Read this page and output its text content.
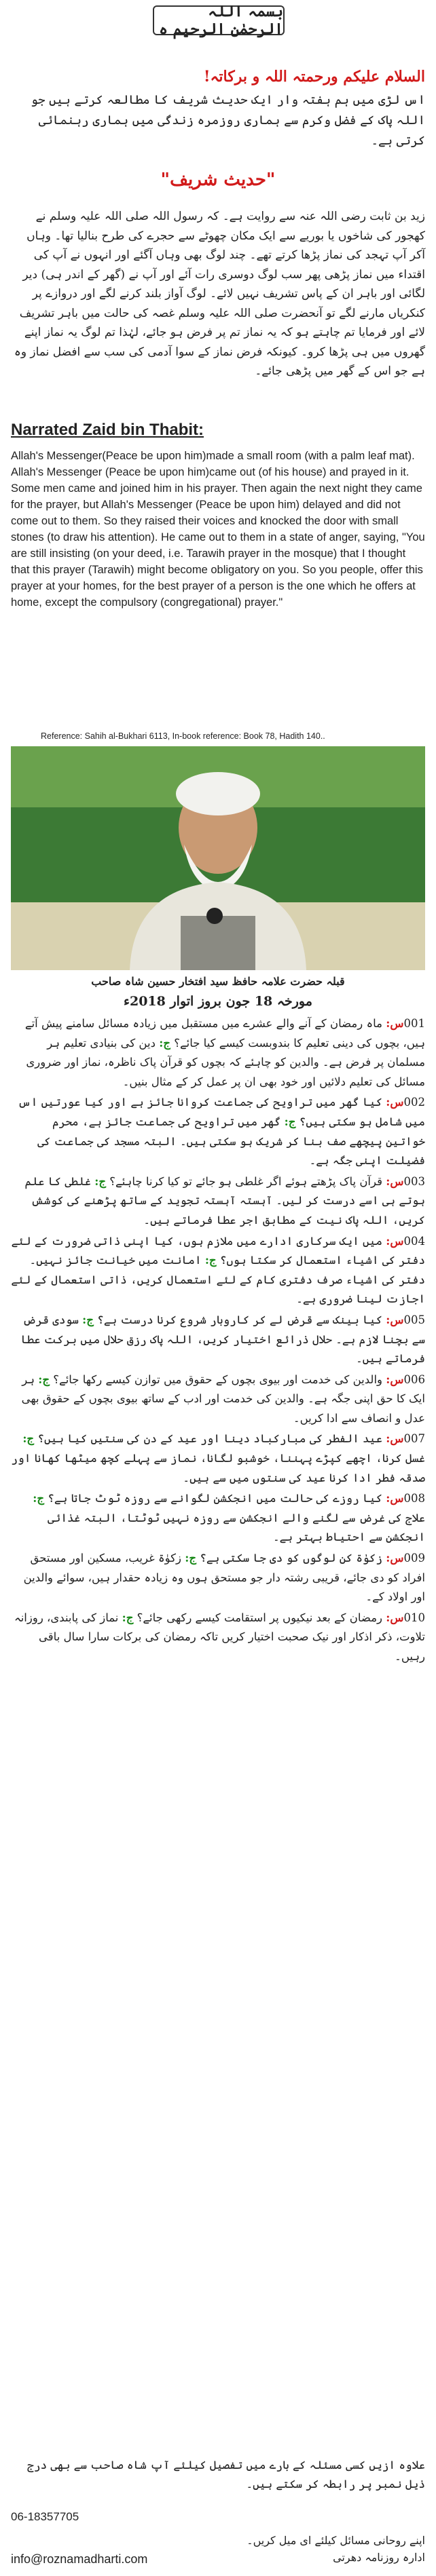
بسمہ اللہ الرحمٰن الرحیم ہ
السلام علیکم ورحمتہ اللہ و برکاتہ!
اس لڑی میں ہم ہفتہ وار ایک حدیث شریف کا مطالعہ کرتے ہیں جو اللہ پاک کے فضل وکرم سے ہماری روزمرہ زندگی میں ہماری رہنمائی کرتی ہے۔
"حدیث شریف"
زید بن ثابت رضی اللہ عنہ سے روایت ہے۔ کہ رسول اللہ صلی اللہ علیہ وسلم نے کھجور کی شاخوں یا بوریے سے ایک مکان چھوٹے سے حجرے کی طرح بنالیا تھا۔ وہاں آکر آپ تہجد کی نماز پڑھا کرتے تھے۔ چند لوگ بھی وہاں آگئے اور انہوں نے آپ کی اقتداء میں نماز پڑھی پھر سب لوگ دوسری رات آئے اور آپ نے (گھر کے اندر ہی) دیر لگائی اور باہر ان کے پاس تشریف نہیں لائے۔ لوگ آواز بلند کرنے لگے اور دروازے پر کنکریاں مارنے لگے تو آنحضرت صلی اللہ علیہ وسلم غصہ کی حالت میں باہر تشریف لائے اور فرمایا تم چاہتے ہو کہ یہ نماز تم پر فرض ہو جائے، لہٰذا تم لوگ یہ نماز اپنے گھروں میں ہی پڑھا کرو۔ کیونکہ فرض نماز کے سوا آدمی کی سب سے افضل نماز وہ ہے جو اس کے گھر میں پڑھی جائے۔
Narrated Zaid bin Thabit:
Allah's Messenger(Peace be upon him)made a small room (with a palm leaf mat). Allah's Messenger (Peace be upon him)came out (of his house) and prayed in it. Some men came and joined him in his prayer. Then again the next night they came for the prayer, but Allah's Messenger (Peace be upon him) delayed and did not come out to them. So they raised their voices and knocked the door with small stones (to draw his attention). He came out to them in a state of anger, saying, "You are still insisting (on your deed, i.e. Tarawih prayer in the mosque) that I thought that this prayer (Tarawih) might become obligatory on you. So you people, offer this prayer at your homes, for the best prayer of a person is the one which he offers at home, except the compulsory (congregational) prayer."
Reference: Sahih al-Bukhari 6113, In-book reference: Book 78, Hadith 140..
قبلہ حضرت علامہ حافظ سید افتخار حسین شاہ صاحب
مورخہ 18 جون بروز اتوار 2018ء

001س: ماہ رمضان کے آنے والے عشرے میں مستقبل میں زیادہ مسائل سامنے پیش آتے ہیں، بچوں کی دینی تعلیم کا بندوبست کیسے کیا جائے؟ ج: دین کی بنیادی تعلیم ہر مسلمان پر فرض ہے۔ والدین کو چاہئے کہ بچوں کو قرآن پاک ناظرہ، نماز اور ضروری مسائل کی تعلیم دلائیں اور خود بھی ان پر عمل کر کے مثال بنیں۔

002س: کیا گھر میں تراویح کی جماعت کروانا جائز ہے اور کیا عورتیں اس میں شامل ہو سکتی ہیں؟ ج: گھر میں تراویح کی جماعت جائز ہے، محرم خواتین پیچھے صف بنا کر شریک ہو سکتی ہیں۔ البتہ مسجد کی جماعت کی فضیلت اپنی جگہ ہے۔

003س: قرآن پاک پڑھتے ہوئے اگر غلطی ہو جائے تو کیا کرنا چاہئے؟ ج: غلطی کا علم ہوتے ہی اسے درست کر لیں۔ آہستہ آہستہ تجوید کے ساتھ پڑھنے کی کوشش کریں، اللہ پاک نیت کے مطابق اجر عطا فرماتے ہیں۔

004س: میں ایک سرکاری ادارے میں ملازم ہوں، کیا اپنی ذاتی ضرورت کے لئے دفتر کی اشیاء استعمال کر سکتا ہوں؟ ج: امانت میں خیانت جائز نہیں۔ دفتر کی اشیاء صرف دفتری کام کے لئے استعمال کریں، ذاتی استعمال کے لئے اجازت لینا ضروری ہے۔

005س: کیا بینک سے قرض لے کر کاروبار شروع کرنا درست ہے؟ ج: سودی قرض سے بچنا لازم ہے۔ حلال ذرائع اختیار کریں، اللہ پاک رزق حلال میں برکت عطا فرماتے ہیں۔

006س: والدین کی خدمت اور بیوی بچوں کے حقوق میں توازن کیسے رکھا جائے؟ ج: ہر ایک کا حق اپنی جگہ ہے۔ والدین کی خدمت اور ادب کے ساتھ بیوی بچوں کے حقوق بھی عدل و انصاف سے ادا کریں۔

007س: عید الفطر کی مبارکباد دینا اور عید کے دن کی سنتیں کیا ہیں؟ ج: غسل کرنا، اچھے کپڑے پہننا، خوشبو لگانا، نماز سے پہلے کچھ میٹھا کھانا اور صدقہ فطر ادا کرنا عید کی سنتوں میں سے ہیں۔

008س: کیا روزے کی حالت میں انجکشن لگوانے سے روزہ ٹوٹ جاتا ہے؟ ج: علاج کی غرض سے لگنے والے انجکشن سے روزہ نہیں ٹوٹتا، البتہ غذائی انجکشن سے احتیاط بہتر ہے۔

009س: زکوٰۃ کن لوگوں کو دی جا سکتی ہے؟ ج: زکوٰۃ غریب، مسکین اور مستحق افراد کو دی جائے، قریبی رشتہ دار جو مستحق ہوں وہ زیادہ حقدار ہیں، سوائے والدین اور اولاد کے۔

010س: رمضان کے بعد نیکیوں پر استقامت کیسے رکھی جائے؟ ج: نماز کی پابندی، روزانہ تلاوت، ذکر اذکار اور نیک صحبت اختیار کریں تاکہ رمضان کی برکات سارا سال باقی رہیں۔

علاوہ ازیں کسی مسئلہ کے بارے میں تفصیل کیلئے آپ شاہ صاحب سے بھی درج ذیل نمبر پر رابطہ کر سکتے ہیں۔
06-18357705
اپنے روحانی مسائل کیلئے ای میل کریں۔
info@roznamadharti.com	ادارہ روزنامہ دھرتی
